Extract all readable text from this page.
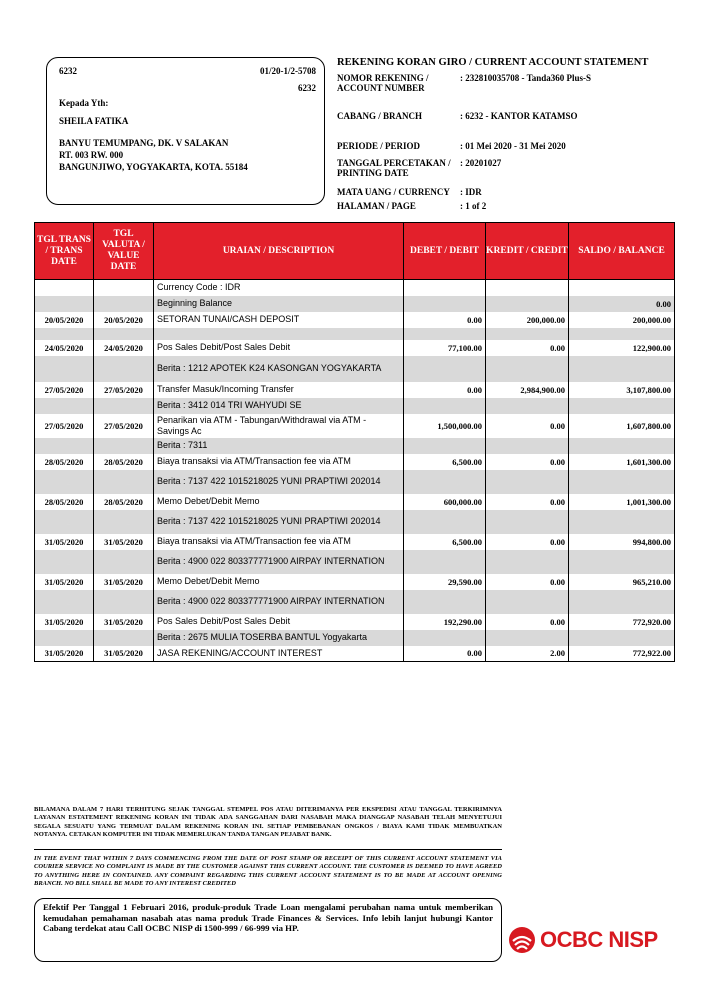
6232	01/20-1/2-5708
6232
Kepada Yth:
SHEILA FATIKA
BANYU TEMUMPANG, DK. V SALAKAN
RT. 003 RW. 000
BANGUNJIWO, YOGYAKARTA, KOTA. 55184
REKENING KORAN GIRO / CURRENT ACCOUNT STATEMENT
NOMOR REKENING / ACCOUNT NUMBER
: 232810035708 - Tanda360 Plus-S
CABANG / BRANCH	: 6232 - KANTOR KATAMSO
PERIODE / PERIOD	: 01 Mei 2020 - 31 Mei 2020
TANGGAL PERCETAKAN / PRINTING DATE
: 20201027
MATA UANG / CURRENCY	: IDR
HALAMAN / PAGE	: 1 of 2
TGL TRANS / TRANS DATE	TGL VALUTA / VALUE DATE	URAIAN / DESCRIPTION	DEBET / DEBIT	KREDIT / CREDIT	SALDO / BALANCE
		Currency Code : IDR			
		Beginning Balance			0.00
20/05/2020	20/05/2020	SETORAN TUNAI/CASH DEPOSIT	0.00	200,000.00	200,000.00

24/05/2020	24/05/2020	Pos Sales Debit/Post Sales Debit	77,100.00	0.00	122,900.00
		Berita : 1212 APOTEK K24 KASONGAN YOGYAKARTA			
27/05/2020	27/05/2020	Transfer Masuk/Incoming Transfer	0.00	2,984,900.00	3,107,800.00
		Berita : 3412 014 TRI WAHYUDI SE			
27/05/2020	27/05/2020	Penarikan via ATM - Tabungan/Withdrawal via ATM - Savings Ac	1,500,000.00	0.00	1,607,800.00
		Berita : 7311			
28/05/2020	28/05/2020	Biaya transaksi via ATM/Transaction fee via ATM	6,500.00	0.00	1,601,300.00
		Berita : 7137 422 1015218025 YUNI PRAPTIWI 202014			
28/05/2020	28/05/2020	Memo Debet/Debit Memo	600,000.00	0.00	1,001,300.00
		Berita : 7137 422 1015218025 YUNI PRAPTIWI 202014			
31/05/2020	31/05/2020	Biaya transaksi via ATM/Transaction fee via ATM	6,500.00	0.00	994,800.00
		Berita : 4900 022 803377771900 AIRPAY INTERNATION			
31/05/2020	31/05/2020	Memo Debet/Debit Memo	29,590.00	0.00	965,210.00
		Berita : 4900 022 803377771900 AIRPAY INTERNATION			
31/05/2020	31/05/2020	Pos Sales Debit/Post Sales Debit	192,290.00	0.00	772,920.00
		Berita : 2675 MULIA TOSERBA BANTUL Yogyakarta			
31/05/2020	31/05/2020	JASA REKENING/ACCOUNT INTEREST	0.00	2.00	772,922.00
BILAMANA DALAM 7 HARI TERHITUNG SEJAK TANGGAL STEMPEL POS ATAU DITERIMANYA PER EKSPEDISI ATAU TANGGAL TERKIRIMNYA LAYANAN ESTATEMENT REKENING KORAN INI TIDAK ADA SANGGAHAN DARI NASABAH MAKA DIANGGAP NASABAH TELAH MENYETUJUI SEGALA SESUATU YANG TERMUAT DALAM REKENING KORAN INI. SETIAP PEMBEBANAN ONGKOS / BIAYA KAMI TIDAK MEMBUATKAN NOTANYA. CETAKAN KOMPUTER INI TIDAK MEMERLUKAN TANDA TANGAN PEJABAT BANK.
IN THE EVENT THAT WITHIN 7 DAYS COMMENCING FROM THE DATE OF POST STAMP OR RECEIPT OF THIS CURRENT ACCOUNT STATEMENT VIA COURIER SERVICE NO COMPLAINT IS MADE BY THE CUSTOMER AGAINST THIS CURRENT ACCOUNT. THE CUSTOMER IS DEEMED TO HAVE AGREED TO ANYTHING HERE IN CONTAINED. ANY COMPAINT REGARDING THIS CURRENT ACCOUNT STATEMENT IS TO BE MADE AT ACCOUNT OPENING BRANCH. NO BILL SHALL BE MADE TO ANY INTEREST CREDITED
Efektif Per Tanggal 1 Februari 2016, produk-produk Trade Loan mengalami perubahan nama untuk memberikan kemudahan pemahaman nasabah atas nama produk Trade Finances & Services. Info lebih lanjut hubungi Kantor Cabang terdekat atau Call OCBC NISP di 1500-999 / 66-999 via HP.	OCBC NISP
